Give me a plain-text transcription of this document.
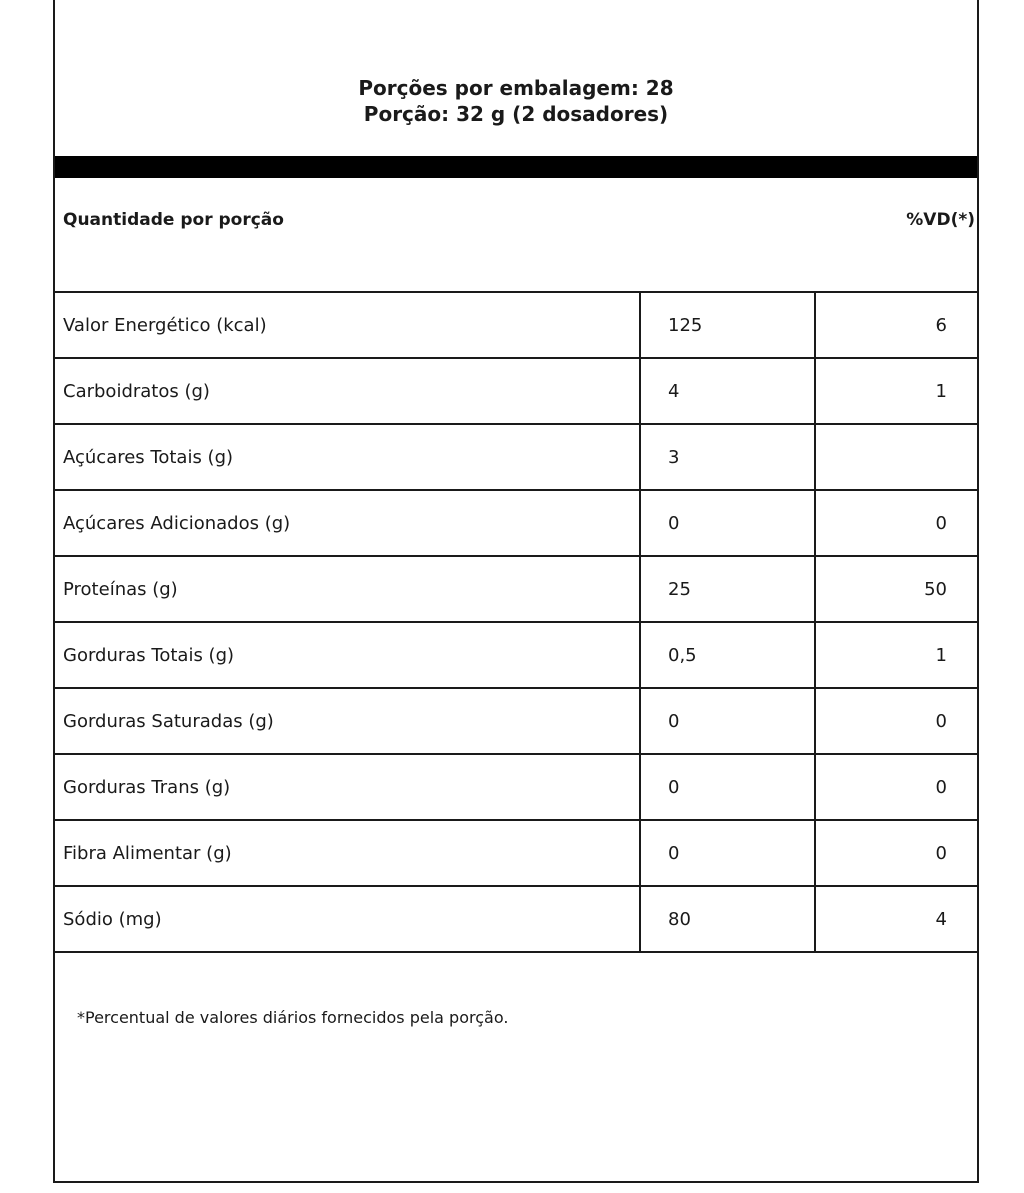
Porções por embalagem: 28
Porção: 32 g (2 dosadores)
Quantidade por porção	%VD(*)
Valor Energético (kcal)	125	6
Carboidratos (g)	4	1
Açúcares Totais (g)	3
Açúcares Adicionados (g)	0	0
Proteínas (g)	25	50
Gorduras Totais (g)	0,5	1
Gorduras Saturadas (g)	0	0
Gorduras Trans (g)	0	0
Fibra Alimentar (g)	0	0
Sódio (mg)	80	4
*Percentual de valores diários fornecidos pela porção.
